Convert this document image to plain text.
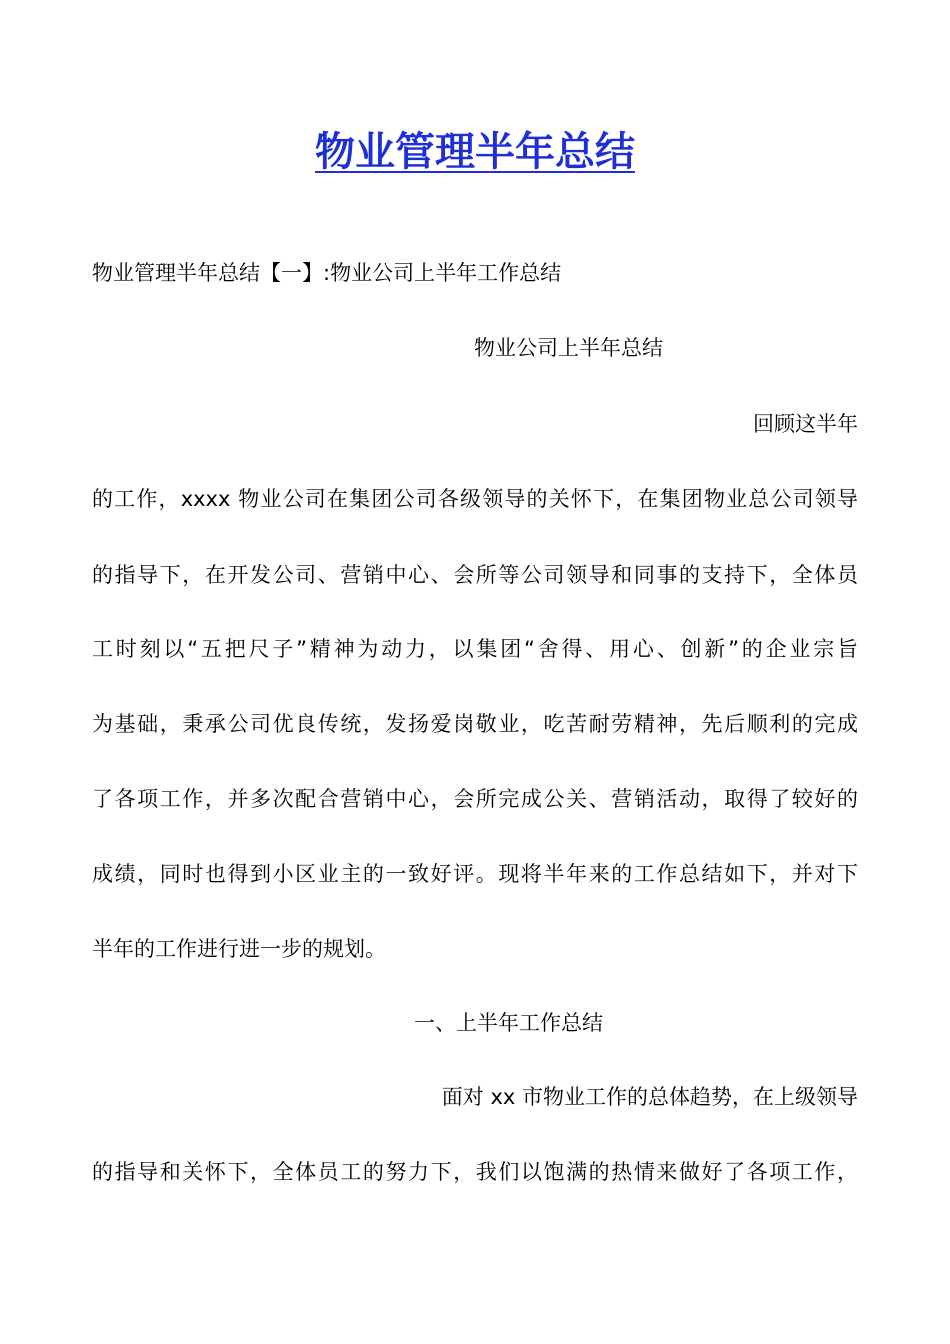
物业管理半年总结

物业管理半年总结【一】:物业公司上半年工作总结

物业公司上半年总结

回顾这半年

的工作，xxxx 物业公司在集团公司各级领导的关怀下，在集团物业总公司领导

的指导下，在开发公司、营销中心、会所等公司领导和同事的支持下，全体员

工时刻以“五把尺子”精神为动力，以集团“舍得、用心、创新”的企业宗旨

为基础，秉承公司优良传统，发扬爱岗敬业，吃苦耐劳精神，先后顺利的完成

了各项工作，并多次配合营销中心，会所完成公关、营销活动，取得了较好的

成绩，同时也得到小区业主的一致好评。现将半年来的工作总结如下，并对下

半年的工作进行进一步的规划。

一、上半年工作总结

面对 xx 市物业工作的总体趋势，在上级领导

的指导和关怀下，全体员工的努力下，我们以饱满的热情来做好了各项工作，
